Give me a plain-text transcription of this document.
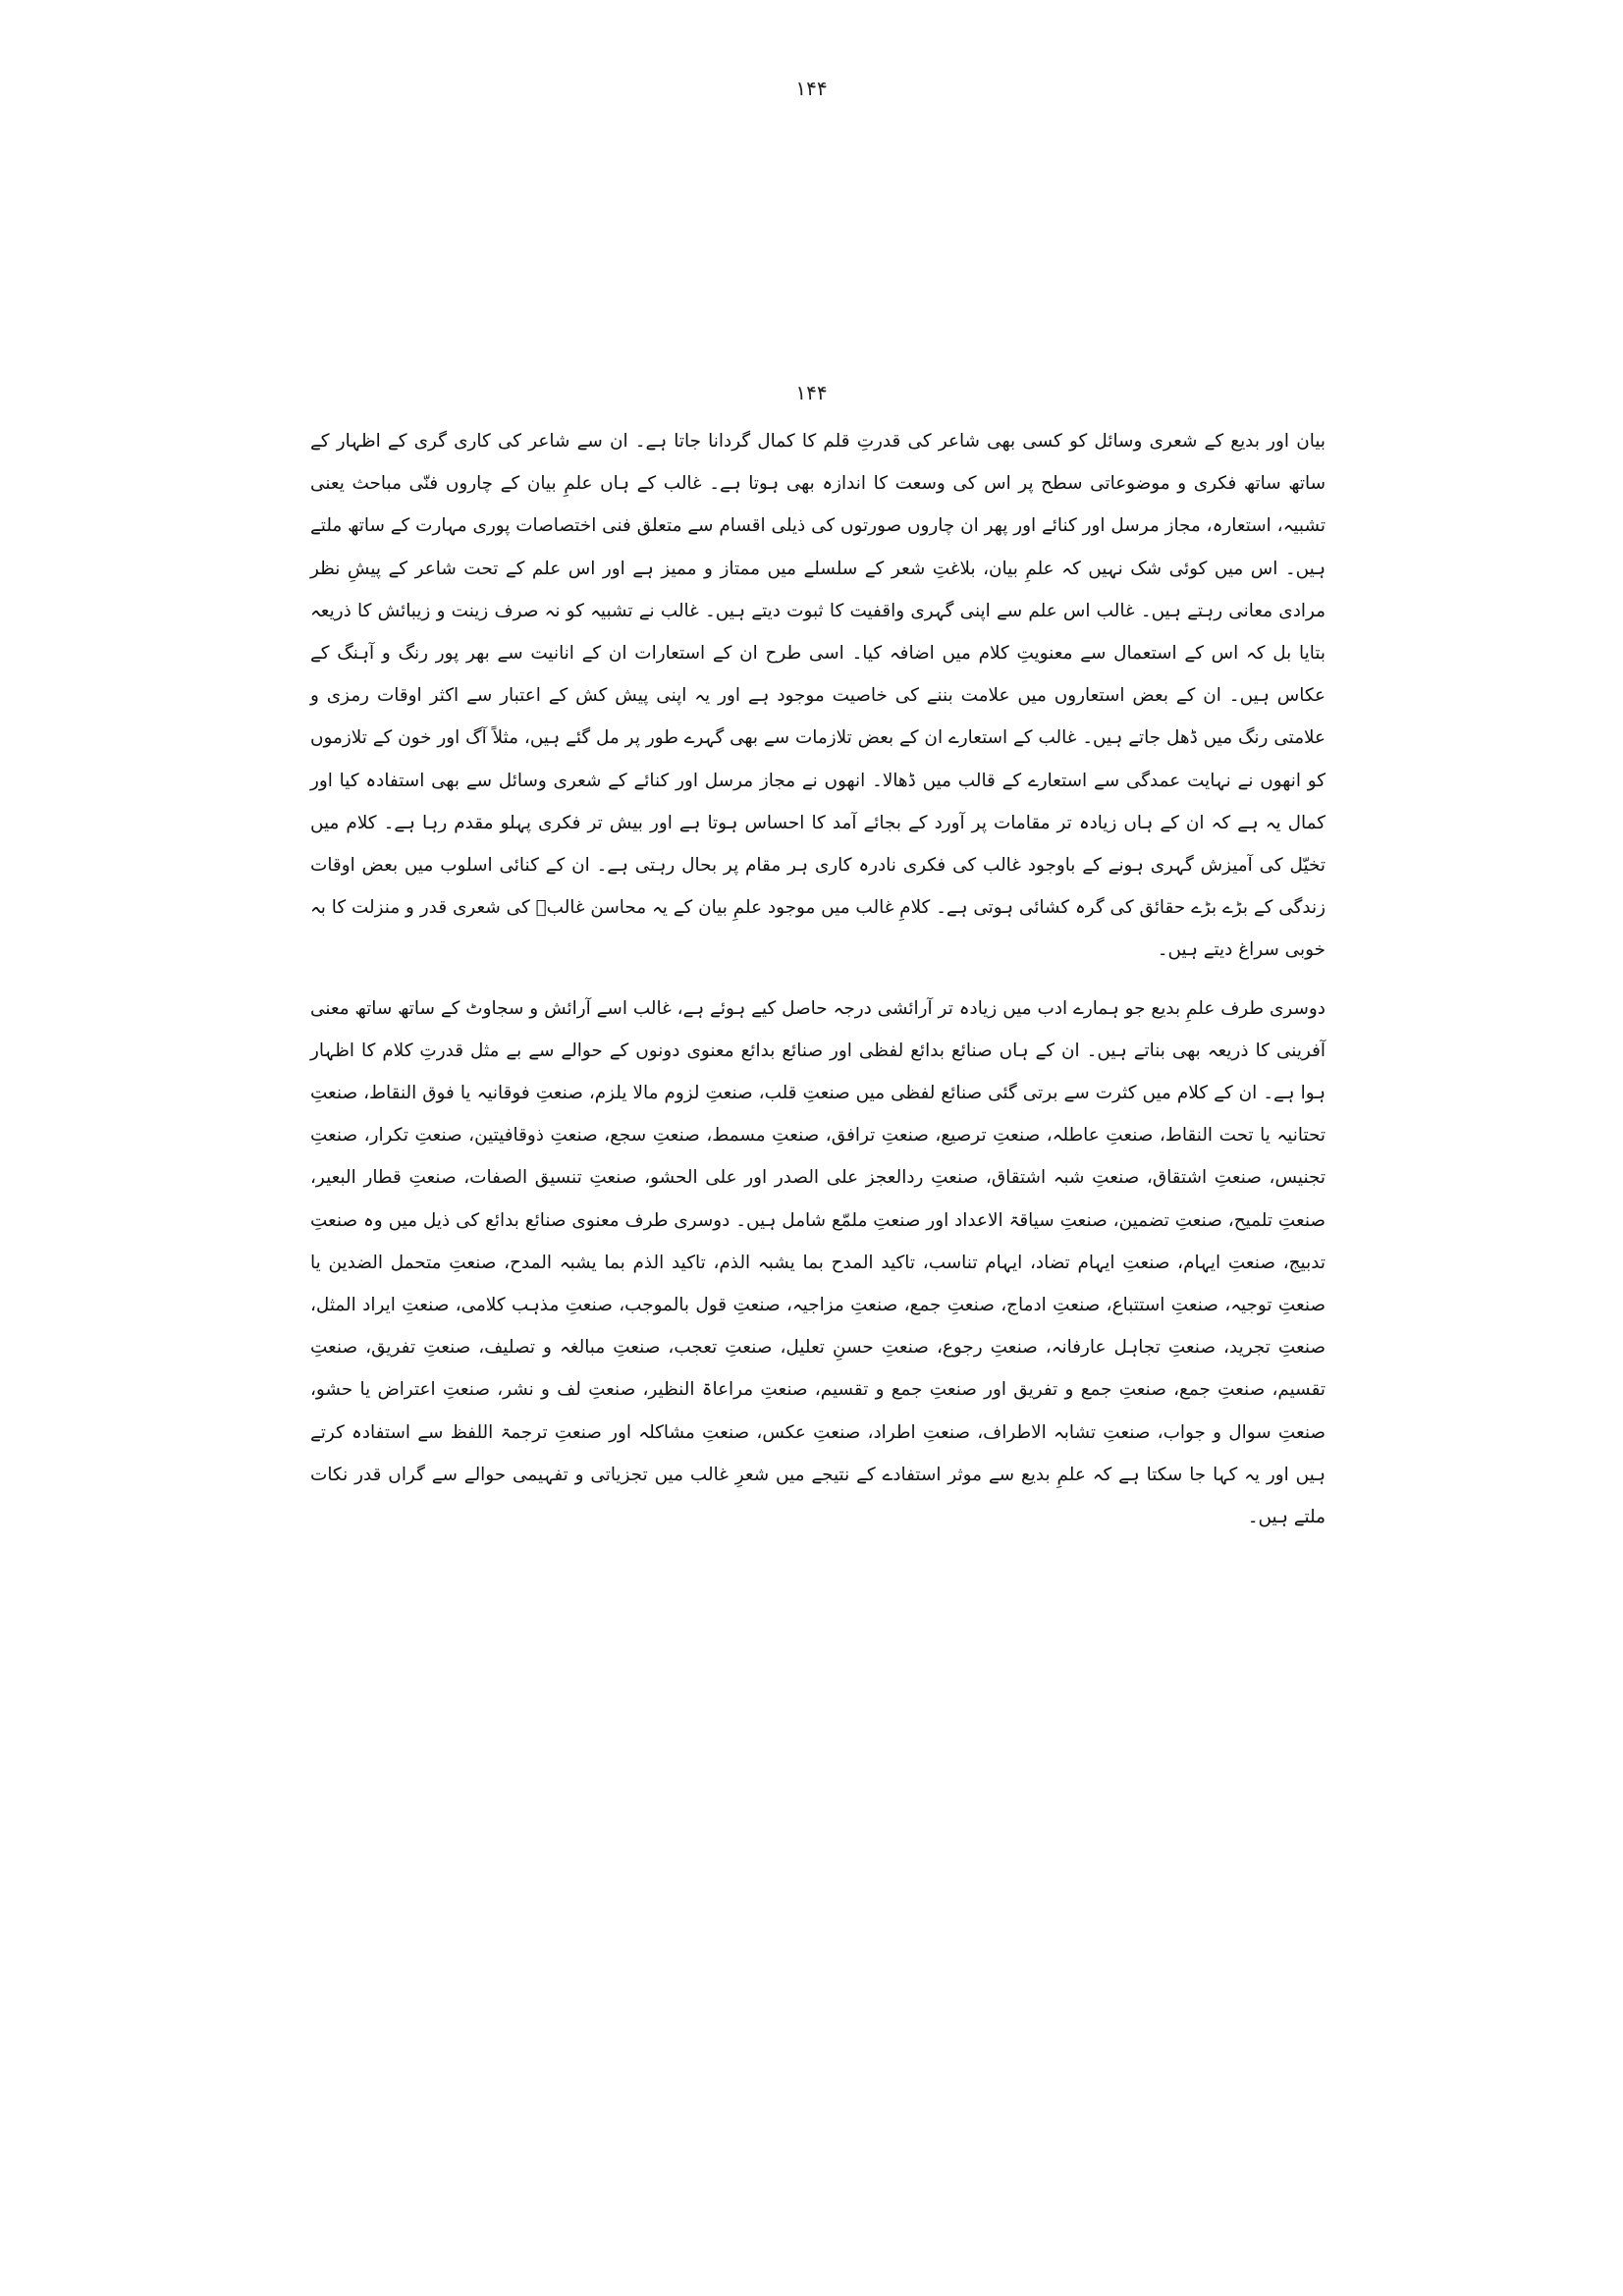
۱۴۴
۱۴۴

بیان اور بدیع کے شعری وسائل کو کسی بھی شاعر کی قدرتِ قلم کا کمال گردانا جاتا ہے۔ ان سے شاعر کی کاری گری کے اظہار کے ساتھ ساتھ فکری و موضوعاتی سطح پر اس کی وسعت کا اندازہ بھی ہوتا ہے۔ غالب کے ہاں علمِ بیان کے چاروں فنّی مباحث یعنی تشبیہ، استعارہ، مجاز مرسل اور کنائے اور پھر ان چاروں صورتوں کی ذیلی اقسام سے متعلق فنی اختصاصات پوری مہارت کے ساتھ ملتے ہیں۔ اس میں کوئی شک نہیں کہ علمِ بیان، بلاغتِ شعر کے سلسلے میں ممتاز و ممیز ہے اور اس علم کے تحت شاعر کے پیشِ نظر مرادی معانی رہتے ہیں۔ غالب اس علم سے اپنی گہری واقفیت کا ثبوت دیتے ہیں۔ غالب نے تشبیہ کو نہ صرف زینت و زیبائش کا ذریعہ بتایا بل کہ اس کے استعمال سے معنویتِ کلام میں اضافہ کیا۔ اسی طرح ان کے استعارات ان کے انانیت سے بھر پور رنگ و آہنگ کے عکاس ہیں۔ ان کے بعض استعاروں میں علامت بننے کی خاصیت موجود ہے اور یہ اپنی پیش کش کے اعتبار سے اکثر اوقات رمزی و علامتی رنگ میں ڈھل جاتے ہیں۔ غالب کے استعارے ان کے بعض تلازمات سے بھی گہرے طور پر مل گئے ہیں، مثلاً آگ اور خون کے تلازموں کو انھوں نے نہایت عمدگی سے استعارے کے قالب میں ڈھالا۔ انھوں نے مجاز مرسل اور کنائے کے شعری وسائل سے بھی استفادہ کیا اور کمال یہ ہے کہ ان کے ہاں زیادہ تر مقامات پر آورد کے بجائے آمد کا احساس ہوتا ہے اور بیش تر فکری پہلو مقدم رہا ہے۔ کلام میں تخیّل کی آمیزش گہری ہونے کے باوجود غالب کی فکری نادرہ کاری ہر مقام پر بحال رہتی ہے۔ ان کے کنائی اسلوب میں بعض اوقات زندگی کے بڑے بڑے حقائق کی گرہ کشائی ہوتی ہے۔ کلامِ غالب میں موجود علمِ بیان کے یہ محاسن غالبؔ کی شعری قدر و منزلت کا بہ خوبی سراغ دیتے ہیں۔

دوسری طرف علمِ بدیع جو ہمارے ادب میں زیادہ تر آرائشی درجہ حاصل کیے ہوئے ہے، غالب اسے آرائش و سجاوٹ کے ساتھ ساتھ معنی آفرینی کا ذریعہ بھی بناتے ہیں۔ ان کے ہاں صنائع بدائع لفظی اور صنائع بدائع معنوی دونوں کے حوالے سے بے مثل قدرتِ کلام کا اظہار ہوا ہے۔ ان کے کلام میں کثرت سے برتی گئی صنائع لفظی میں صنعتِ قلب، صنعتِ لزوم مالا یلزم، صنعتِ فوقانیہ یا فوق النقاط، صنعتِ تحتانیہ یا تحت النقاط، صنعتِ عاطلہ، صنعتِ ترصیع، صنعتِ ترافق، صنعتِ مسمط، صنعتِ سجع، صنعتِ ذوقافیتین، صنعتِ تکرار، صنعتِ تجنیس، صنعتِ اشتقاق، صنعتِ شبہ اشتقاق، صنعتِ ردالعجز علی الصدر اور علی الحشو، صنعتِ تنسیق الصفات، صنعتِ قطار البعیر، صنعتِ تلمیح، صنعتِ تضمین، صنعتِ سیاقۃ الاعداد اور صنعتِ ملمّع شامل ہیں۔ دوسری طرف معنوی صنائع بدائع کی ذیل میں وہ صنعتِ تدبیج، صنعتِ ایہام، صنعتِ ایہام تضاد، ایہام تناسب، تاکید المدح بما یشبہ الذم، تاکید الذم بما یشبہ المدح، صنعتِ متحمل الضدین یا صنعتِ توجیہ، صنعتِ استتباع، صنعتِ ادماج، صنعتِ جمع، صنعتِ مزاجیہ، صنعتِ قول بالموجب، صنعتِ مذہب کلامی، صنعتِ ایراد المثل، صنعتِ تجرید، صنعتِ تجاہل عارفانہ، صنعتِ رجوع، صنعتِ حسنِ تعلیل، صنعتِ تعجب، صنعتِ مبالغہ و تصلیف، صنعتِ تفریق، صنعتِ تقسیم، صنعتِ جمع، صنعتِ جمع و تفریق اور صنعتِ جمع و تقسیم، صنعتِ مراعاۃ النظیر، صنعتِ لف و نشر، صنعتِ اعتراض یا حشو، صنعتِ سوال و جواب، صنعتِ تشابہ الاطراف، صنعتِ اطراد، صنعتِ عکس، صنعتِ مشاکلہ اور صنعتِ ترجمۃ اللفظ سے استفادہ کرتے ہیں اور یہ کہا جا سکتا ہے کہ علمِ بدیع سے موثر استفادے کے نتیجے میں شعرِ غالب میں تجزیاتی و تفہیمی حوالے سے گراں قدر نکات ملتے ہیں۔
